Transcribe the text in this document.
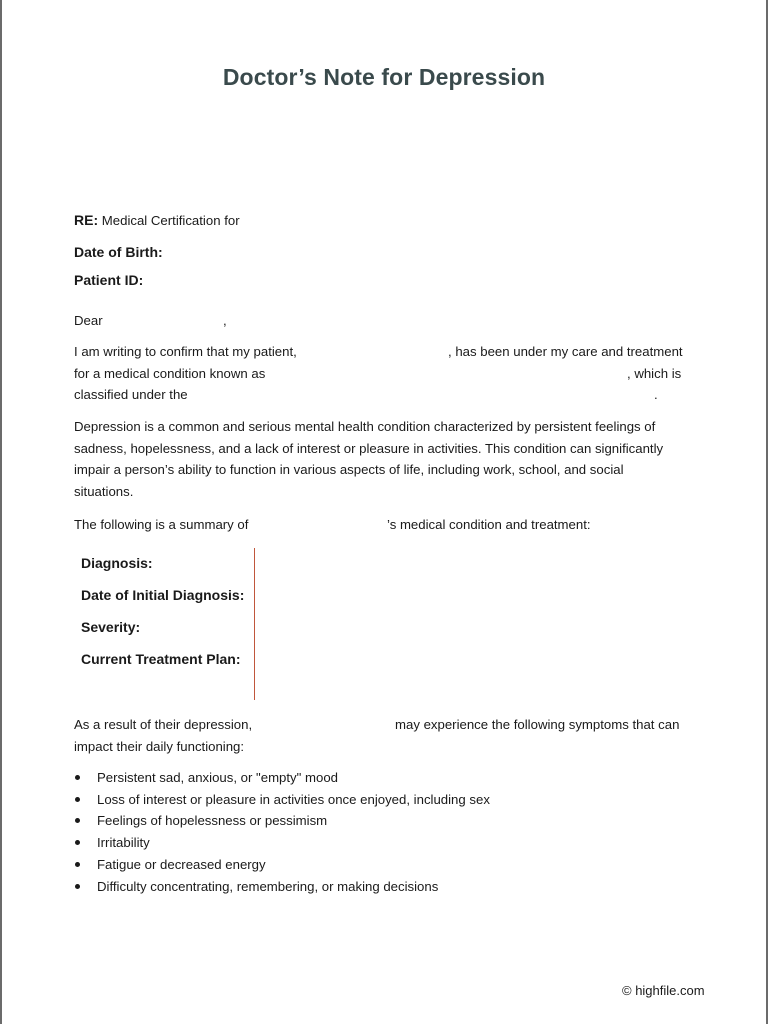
Doctor’s Note for Depression
RE: Medical Certification for
Date of Birth:
Patient ID:
Dear	,
I am writing to confirm that my patient,	, has been under my care and treatment
for a medical condition known as	, which is
classified under the	.
Depression is a common and serious mental health condition characterized by persistent feelings of
sadness, hopelessness, and a lack of interest or pleasure in activities. This condition can significantly
impair a person’s ability to function in various aspects of life, including work, school, and social
situations.
The following is a summary of	’s medical condition and treatment:
Diagnosis:
Date of Initial Diagnosis:
Severity:
Current Treatment Plan:
As a result of their depression,	may experience the following symptoms that can
impact their daily functioning:
Persistent sad, anxious, or "empty" mood
Loss of interest or pleasure in activities once enjoyed, including sex
Feelings of hopelessness or pessimism
Irritability
Fatigue or decreased energy
Difficulty concentrating, remembering, or making decisions
© highfile.com
